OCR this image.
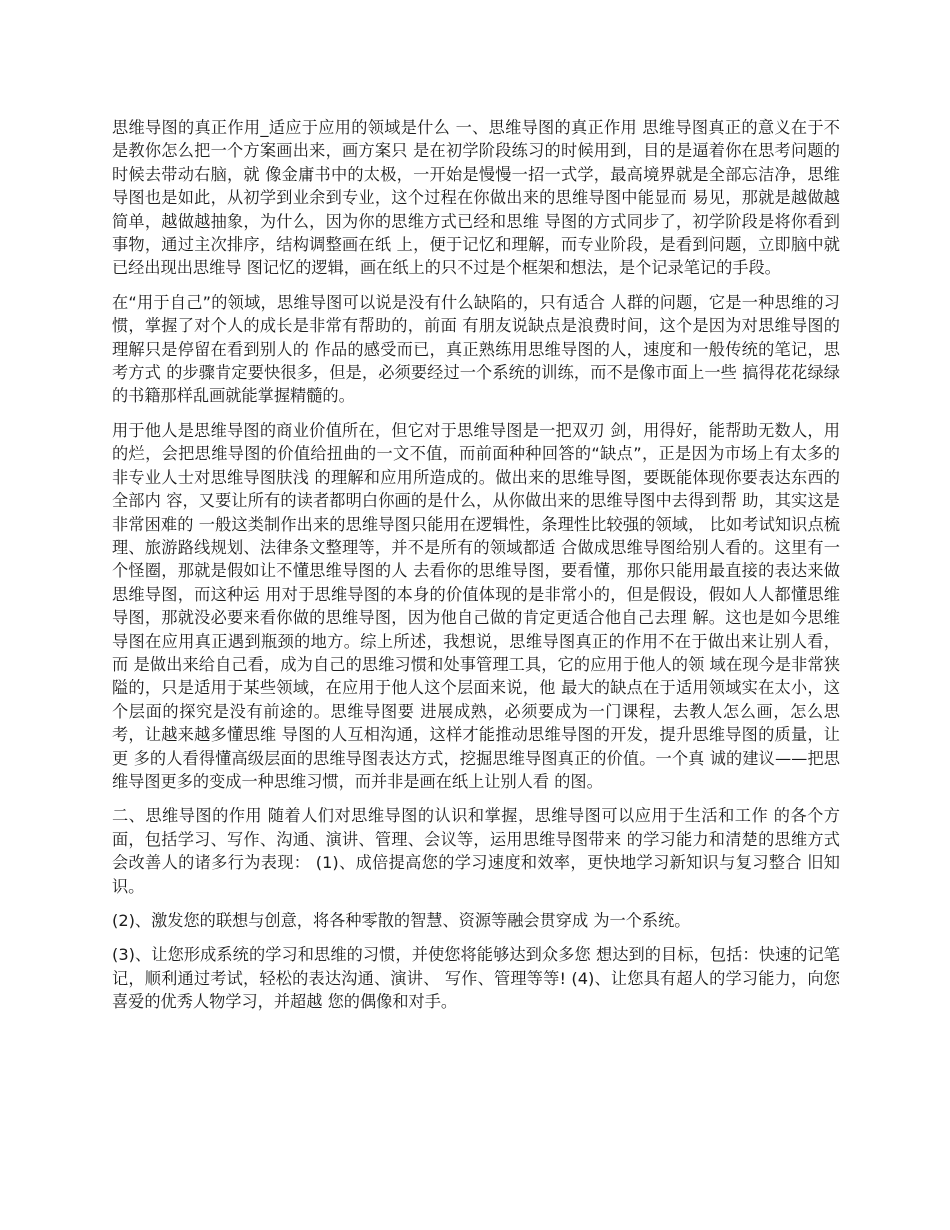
思维导图的真正作用_适应于应用的领域是什么 一、思维导图的真正作用 思维导图真正的意义在于不是教你怎么把一个方案画出来，画方案只 是在初学阶段练习的时候用到，目的是逼着你在思考问题的时候去带动右脑，就 像金庸书中的太极，一开始是慢慢一招一式学，最高境界就是全部忘洁净，思维 导图也是如此，从初学到业余到专业，这个过程在你做出来的思维导图中能显而 易见，那就是越做越简单，越做越抽象，为什么，因为你的思维方式已经和思维 导图的方式同步了，初学阶段是将你看到事物，通过主次排序，结构调整画在纸 上，便于记忆和理解，而专业阶段，是看到问题，立即脑中就已经出现出思维导 图记忆的逻辑，画在纸上的只不过是个框架和想法，是个记录笔记的手段。

在“用于自己”的领域，思维导图可以说是没有什么缺陷的，只有适合 人群的问题，它是一种思维的习惯，掌握了对个人的成长是非常有帮助的，前面 有朋友说缺点是浪费时间，这个是因为对思维导图的理解只是停留在看到别人的 作品的感受而已，真正熟练用思维导图的人，速度和一般传统的笔记，思考方式 的步骤肯定要快很多，但是，必须要经过一个系统的训练，而不是像市面上一些 搞得花花绿绿的书籍那样乱画就能掌握精髓的。

用于他人是思维导图的商业价值所在，但它对于思维导图是一把双刃 剑，用得好，能帮助无数人，用的烂，会把思维导图的价值给扭曲的一文不值，而前面种种回答的“缺点”，正是因为市场上有太多的非专业人士对思维导图肤浅 的理解和应用所造成的。做出来的思维导图，要既能体现你要表达东西的全部内 容，又要让所有的读者都明白你画的是什么，从你做出来的思维导图中去得到帮 助，其实这是非常困难的 一般这类制作出来的思维导图只能用在逻辑性，条理性比较强的领域， 比如考试知识点梳理、旅游路线规划、法律条文整理等，并不是所有的领域都适 合做成思维导图给别人看的。这里有一个怪圈，那就是假如让不懂思维导图的人 去看你的思维导图，要看懂，那你只能用最直接的表达来做思维导图，而这种运 用对于思维导图的本身的价值体现的是非常小的，但是假设，假如人人都懂思维 导图，那就没必要来看你做的思维导图，因为他自己做的肯定更适合他自己去理 解。这也是如今思维导图在应用真正遇到瓶颈的地方。综上所述，我想说，思维导图真正的作用不在于做出来让别人看，而 是做出来给自己看，成为自己的思维习惯和处事管理工具，它的应用于他人的领 域在现今是非常狭隘的，只是适用于某些领域，在应用于他人这个层面来说，他 最大的缺点在于适用领域实在太小，这个层面的探究是没有前途的。思维导图要 进展成熟，必须要成为一门课程，去教人怎么画，怎么思考，让越来越多懂思维 导图的人互相沟通，这样才能推动思维导图的开发，提升思维导图的质量，让更 多的人看得懂高级层面的思维导图表达方式，挖掘思维导图真正的价值。一个真 诚的建议——把思维导图更多的变成一种思维习惯，而并非是画在纸上让别人看 的图。

二、思维导图的作用 随着人们对思维导图的认识和掌握，思维导图可以应用于生活和工作 的各个方面，包括学习、写作、沟通、演讲、管理、会议等，运用思维导图带来 的学习能力和清楚的思维方式会改善人的诸多行为表现： (1)、成倍提高您的学习速度和效率，更快地学习新知识与复习整合 旧知识。

(2)、激发您的联想与创意，将各种零散的智慧、资源等融会贯穿成 为一个系统。

(3)、让您形成系统的学习和思维的习惯，并使您将能够达到众多您 想达到的目标，包括：快速的记笔记，顺利通过考试，轻松的表达沟通、演讲、 写作、管理等等! (4)、让您具有超人的学习能力，向您喜爱的优秀人物学习，并超越 您的偶像和对手。
